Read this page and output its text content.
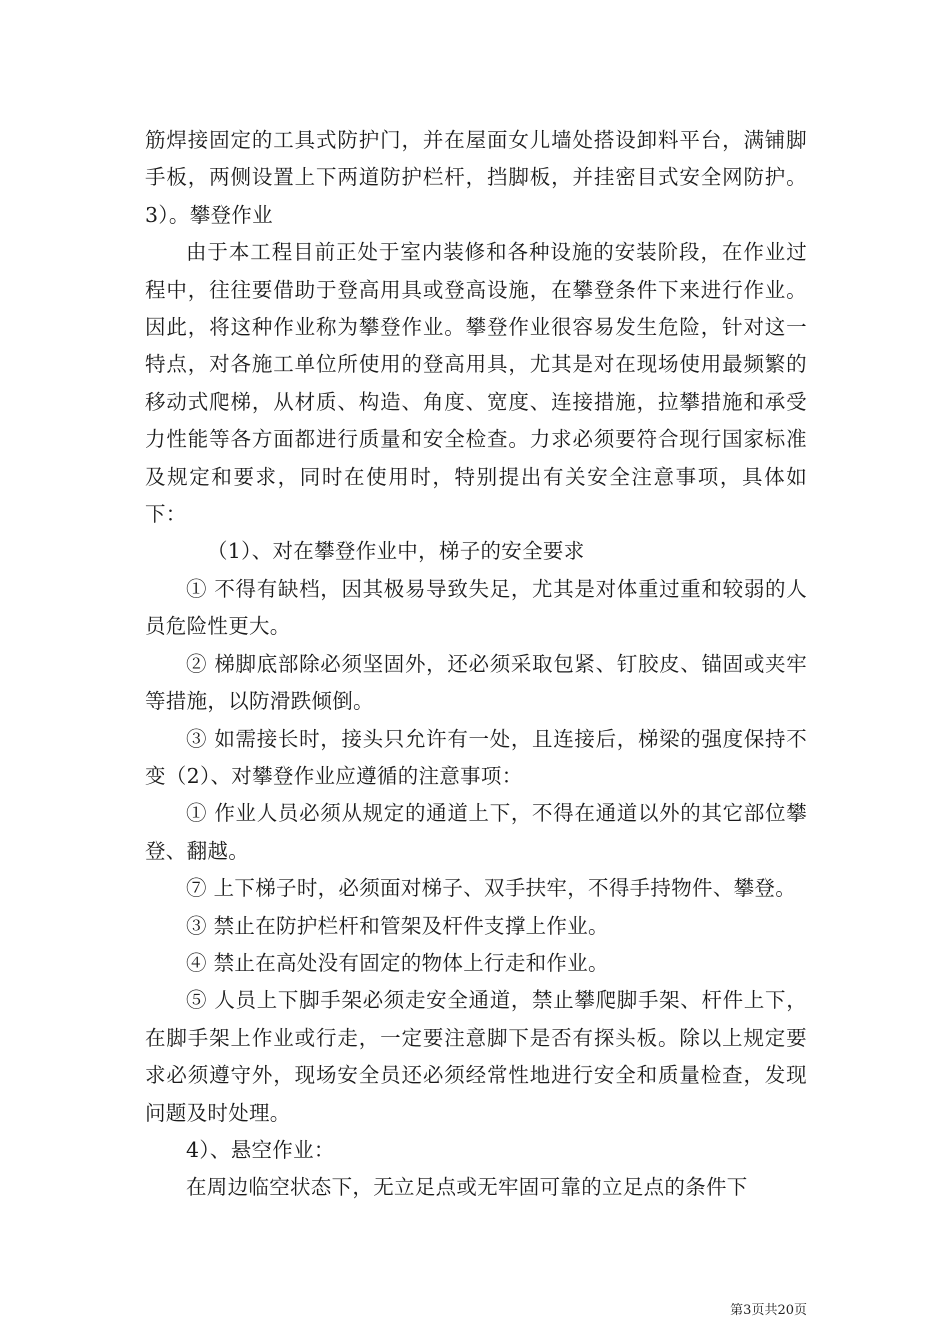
筋焊接固定的工具式防护门，并在屋面女儿墙处搭设卸料平台，满铺脚手板，两侧设置上下两道防护栏杆，挡脚板，并挂密目式安全网防护。3）。攀登作业

由于本工程目前正处于室内装修和各种设施的安装阶段，在作业过程中，往往要借助于登高用具或登高设施，在攀登条件下来进行作业。因此，将这种作业称为攀登作业。攀登作业很容易发生危险，针对这一特点，对各施工单位所使用的登高用具，尤其是对在现场使用最频繁的移动式爬梯，从材质、构造、角度、宽度、连接措施，拉攀措施和承受力性能等各方面都进行质量和安全检查。力求必须要符合现行国家标准及规定和要求，同时在使用时，特别提出有关安全注意事项，具体如下：

（1）、对在攀登作业中，梯子的安全要求

① 不得有缺档，因其极易导致失足，尤其是对体重过重和较弱的人员危险性更大。

② 梯脚底部除必须坚固外，还必须采取包紧、钉胶皮、锚固或夹牢等措施，以防滑跌倾倒。

③ 如需接长时，接头只允许有一处，且连接后，梯梁的强度保持不变（2）、对攀登作业应遵循的注意事项：

① 作业人员必须从规定的通道上下，不得在通道以外的其它部位攀登、翻越。

⑦ 上下梯子时，必须面对梯子、双手扶牢，不得手持物件、攀登。

③ 禁止在防护栏杆和管架及杆件支撑上作业。

④ 禁止在高处没有固定的物体上行走和作业。

⑤ 人员上下脚手架必须走安全通道，禁止攀爬脚手架、杆件上下，在脚手架上作业或行走，一定要注意脚下是否有探头板。除以上规定要求必须遵守外，现场安全员还必须经常性地进行安全和质量检查，发现问题及时处理。

4）、悬空作业：

在周边临空状态下，无立足点或无牢固可靠的立足点的条件下

第3页共20页
